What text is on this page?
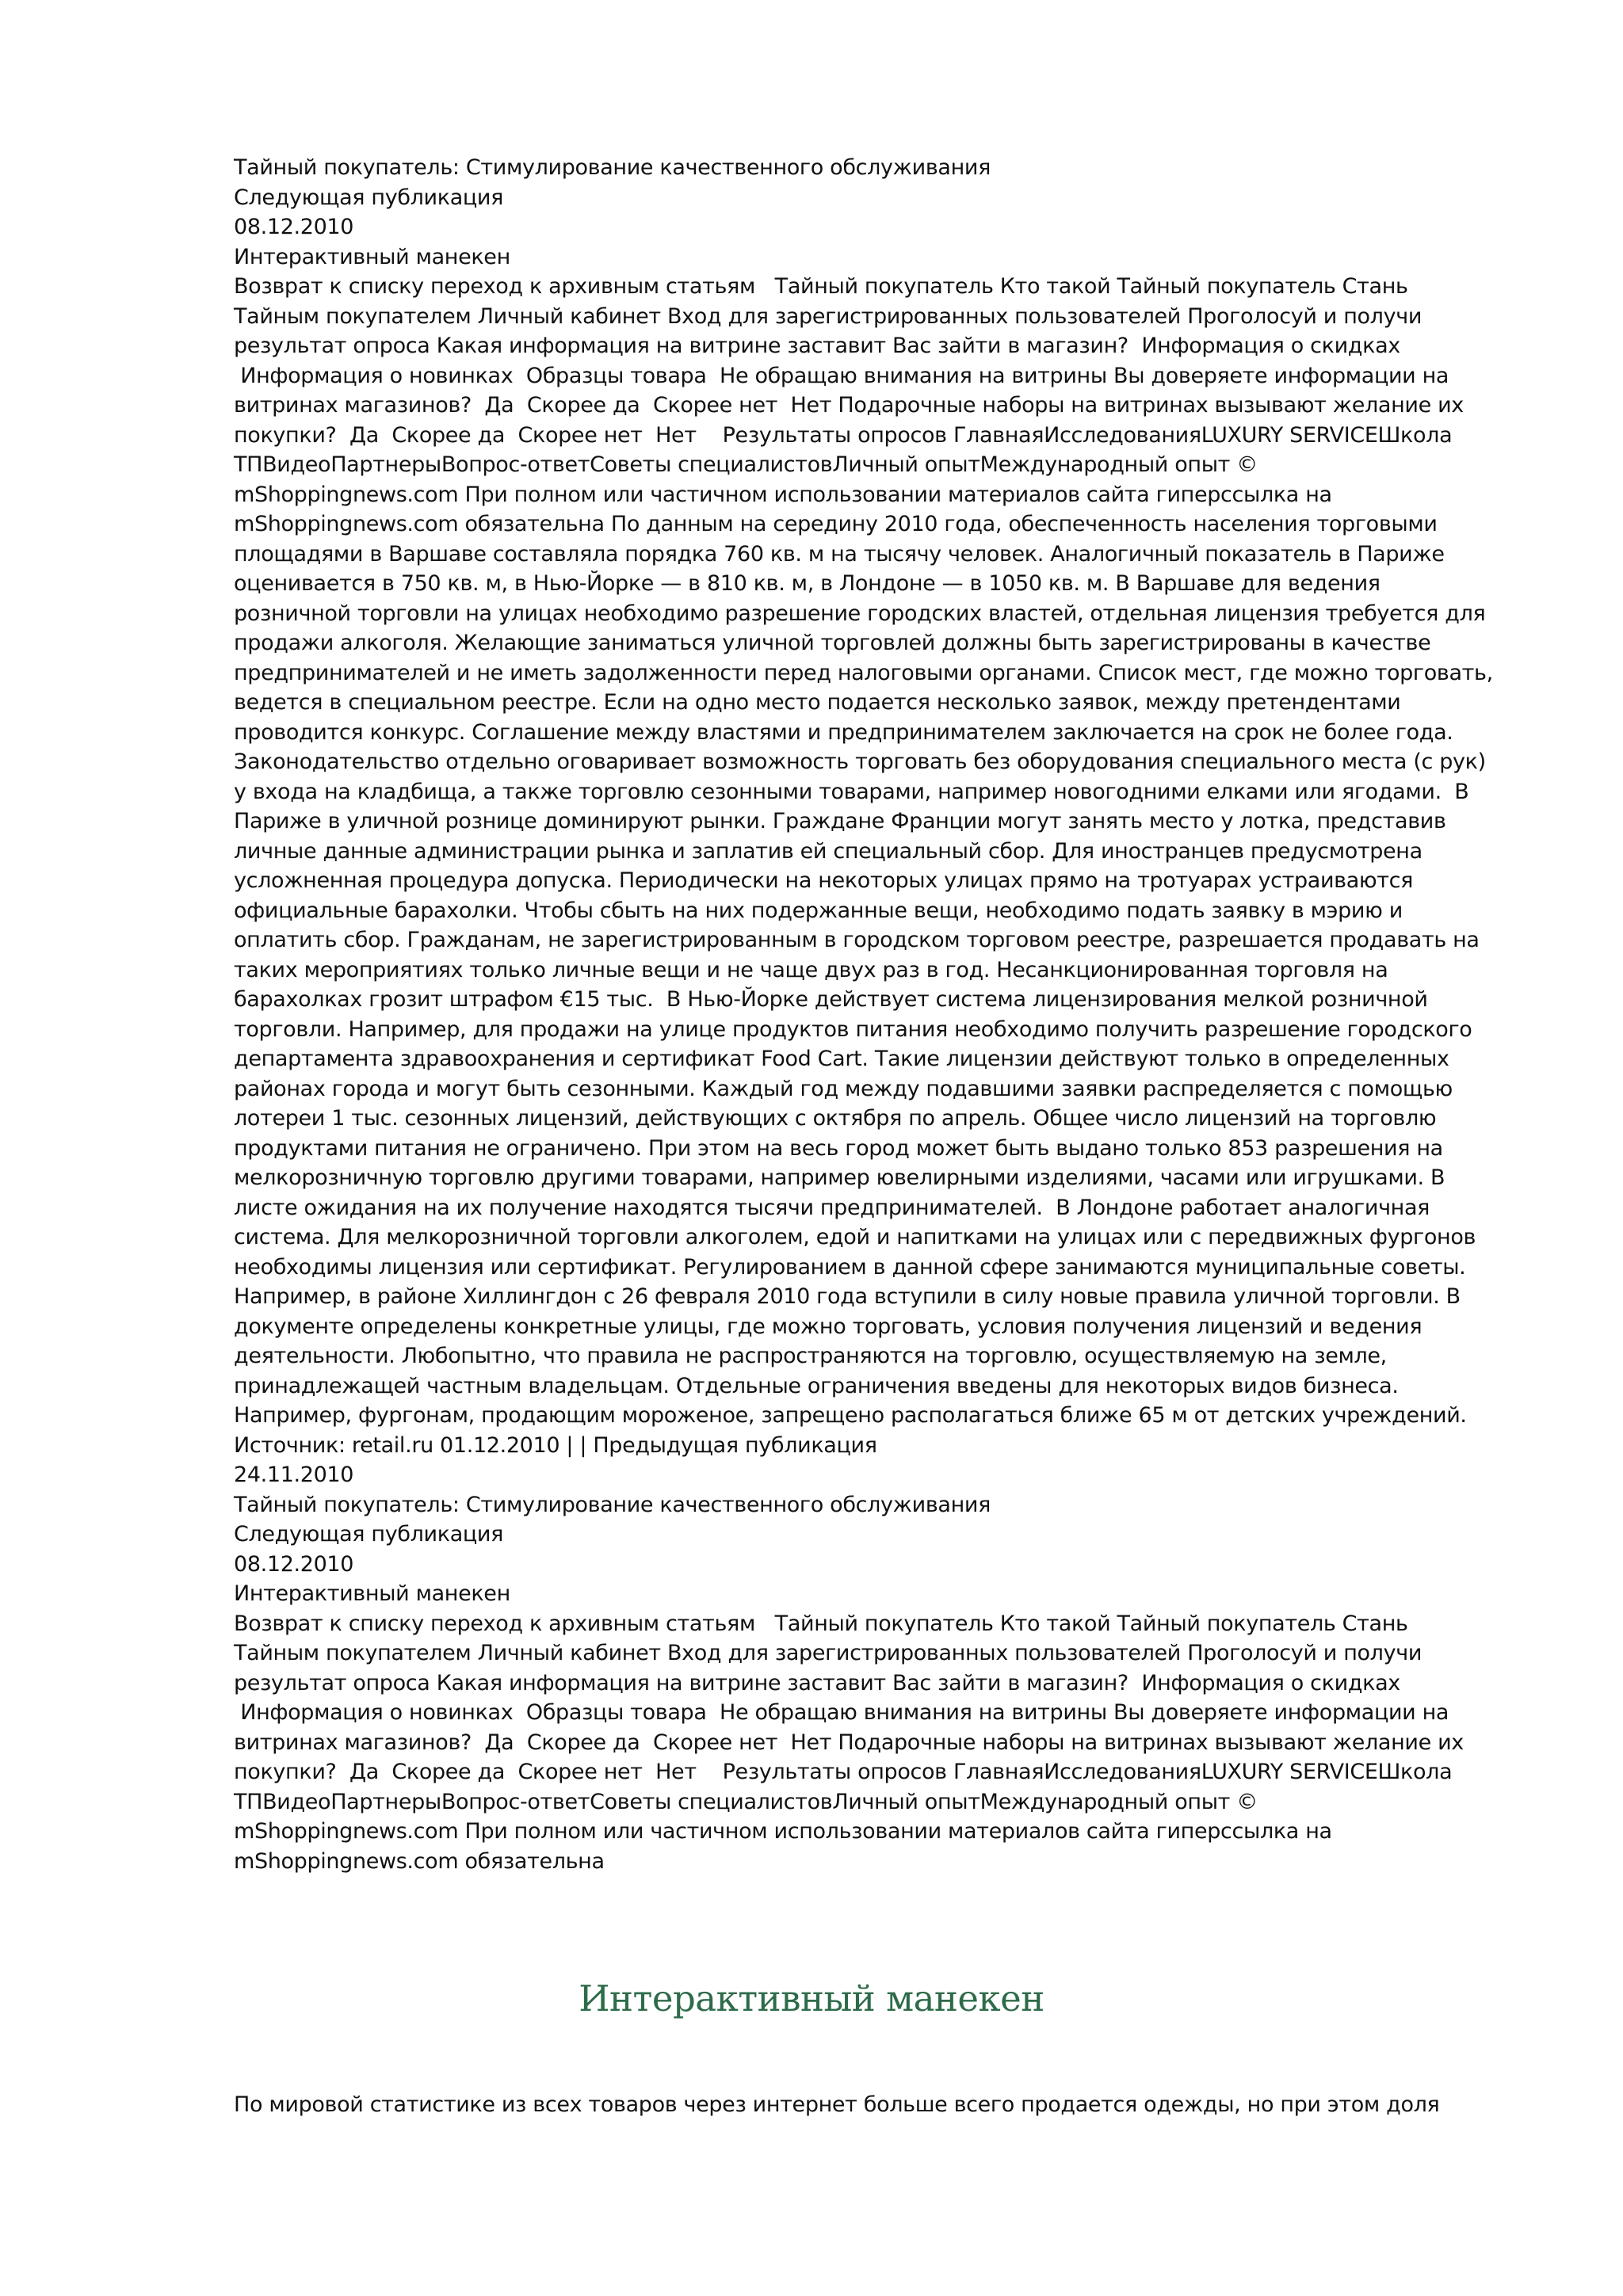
Тайный покупатель: Стимулирование качественного обслуживания
Следующая публикация
08.12.2010
Интерактивный манекен
Возврат к списку переход к архивным статьям   Тайный покупатель Кто такой Тайный покупатель Стань
Тайным покупателем Личный кабинет Вход для зарегистрированных пользователей Проголосуй и получи
результат опроса Какая информация на витрине заставит Вас зайти в магазин?  Информация о скидках
Информация о новинках  Образцы товара  Не обращаю внимания на витрины Вы доверяете информации на
витринах магазинов?  Да  Скорее да  Скорее нет  Нет Подарочные наборы на витринах вызывают желание их
покупки?  Да  Скорее да  Скорее нет  Нет    Результаты опросов ГлавнаяИсследованияLUXURY SERVICEШкола
ТПВидеоПартнерыВопрос-ответСоветы специалистовЛичный опытМеждународный опыт ©
mShoppingnews.com При полном или частичном использовании материалов сайта гиперссылка на
mShoppingnews.com обязательна По данным на середину 2010 года, обеспеченность населения торговыми
площадями в Варшаве составляла порядка 760 кв. м на тысячу человек. Аналогичный показатель в Париже
оценивается в 750 кв. м, в Нью-Йорке — в 810 кв. м, в Лондоне — в 1050 кв. м. В Варшаве для ведения
розничной торговли на улицах необходимо разрешение городских властей, отдельная лицензия требуется для
продажи алкоголя. Желающие заниматься уличной торговлей должны быть зарегистрированы в качестве
предпринимателей и не иметь задолженности перед налоговыми органами. Список мест, где можно торговать,
ведется в специальном реестре. Если на одно место подается несколько заявок, между претендентами
проводится конкурс. Соглашение между властями и предпринимателем заключается на срок не более года.
Законодательство отдельно оговаривает возможность торговать без оборудования специального места (с рук)
у входа на кладбища, а также торговлю сезонными товарами, например новогодними елками или ягодами.  В
Париже в уличной рознице доминируют рынки. Граждане Франции могут занять место у лотка, представив
личные данные администрации рынка и заплатив ей специальный сбор. Для иностранцев предусмотрена
усложненная процедура допуска. Периодически на некоторых улицах прямо на тротуарах устраиваются
официальные барахолки. Чтобы сбыть на них подержанные вещи, необходимо подать заявку в мэрию и
оплатить сбор. Гражданам, не зарегистрированным в городском торговом реестре, разрешается продавать на
таких мероприятиях только личные вещи и не чаще двух раз в год. Несанкционированная торговля на
барахолках грозит штрафом €15 тыс.  В Нью-Йорке действует система лицензирования мелкой розничной
торговли. Например, для продажи на улице продуктов питания необходимо получить разрешение городского
департамента здравоохранения и сертификат Food Cart. Такие лицензии действуют только в определенных
районах города и могут быть сезонными. Каждый год между подавшими заявки распределяется с помощью
лотереи 1 тыс. сезонных лицензий, действующих с октября по апрель. Общее число лицензий на торговлю
продуктами питания не ограничено. При этом на весь город может быть выдано только 853 разрешения на
мелкорозничную торговлю другими товарами, например ювелирными изделиями, часами или игрушками. В
листе ожидания на их получение находятся тысячи предпринимателей.  В Лондоне работает аналогичная
система. Для мелкорозничной торговли алкоголем, едой и напитками на улицах или с передвижных фургонов
необходимы лицензия или сертификат. Регулированием в данной сфере занимаются муниципальные советы.
Например, в районе Хиллингдон с 26 февраля 2010 года вступили в силу новые правила уличной торговли. В
документе определены конкретные улицы, где можно торговать, условия получения лицензий и ведения
деятельности. Любопытно, что правила не распространяются на торговлю, осуществляемую на земле,
принадлежащей частным владельцам. Отдельные ограничения введены для некоторых видов бизнеса.
Например, фургонам, продающим мороженое, запрещено располагаться ближе 65 м от детских учреждений.
Источник: retail.ru 01.12.2010 | | Предыдущая публикация
24.11.2010
Тайный покупатель: Стимулирование качественного обслуживания
Следующая публикация
08.12.2010
Интерактивный манекен
Возврат к списку переход к архивным статьям   Тайный покупатель Кто такой Тайный покупатель Стань
Тайным покупателем Личный кабинет Вход для зарегистрированных пользователей Проголосуй и получи
результат опроса Какая информация на витрине заставит Вас зайти в магазин?  Информация о скидках
Информация о новинках  Образцы товара  Не обращаю внимания на витрины Вы доверяете информации на
витринах магазинов?  Да  Скорее да  Скорее нет  Нет Подарочные наборы на витринах вызывают желание их
покупки?  Да  Скорее да  Скорее нет  Нет    Результаты опросов ГлавнаяИсследованияLUXURY SERVICEШкола
ТПВидеоПартнерыВопрос-ответСоветы специалистовЛичный опытМеждународный опыт ©
mShoppingnews.com При полном или частичном использовании материалов сайта гиперссылка на
mShoppingnews.com обязательна
Интерактивный манекен
По мировой статистике из всех товаров через интернет больше всего продается одежды, но при этом доля
